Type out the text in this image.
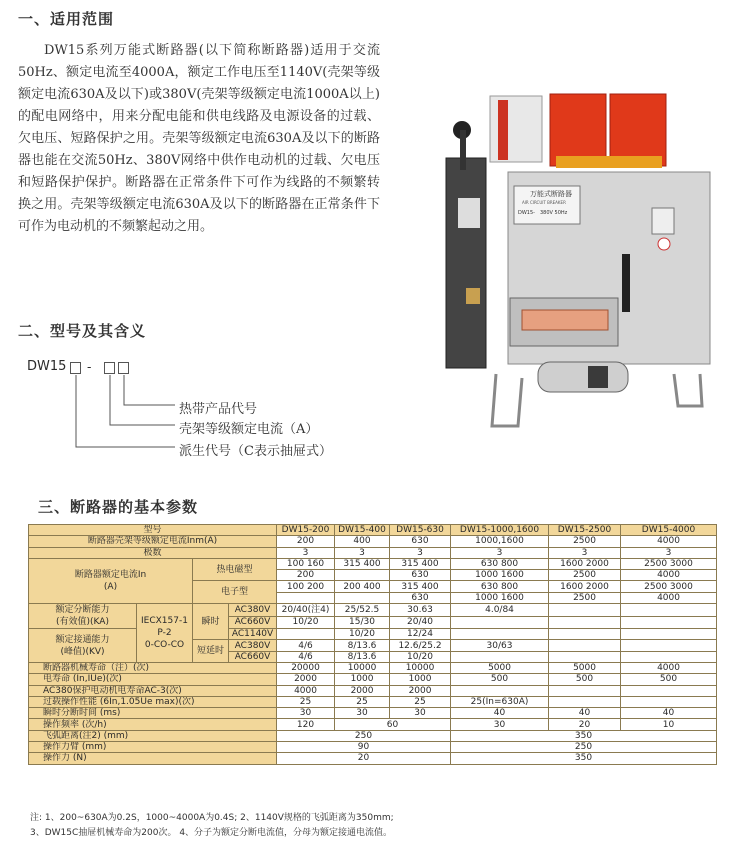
一、适用范围

DW15系列万能式断路器(以下简称断路器)适用于交流50Hz、额定电流至4000A，额定工作电压至1140V(壳架等级额定电流630A及以下)或380V(壳架等级额定电流1000A以上)的配电网络中，用来分配电能和供电线路及电源设备的过载、欠电压、短路保护之用。壳架等级额定电流630A及以下的断路器也能在交流50Hz、380V网络中供作电动机的过载、欠电压和短路保护保护。断路器在正常条件下可作为线路的不频繁转换之用。壳架等级额定电流630A及以下的断路器在正常条件下可作为电动机的不频繁起动之用。

万能式断路器
AIR CIRCUIT BREAKER
DW15- 380V 50Hz
二、型号及其含义
DW15 -
热带产品代号
壳架等级额定电流（A）
派生代号（C表示抽屉式）
三、断路器的基本参数
型号				DW15-200	DW15-400	DW15-630	DW15-1000,1600	DW15-2500	DW15-4000
断路器壳架等级额定电流Inm(A)				200	400	630	1000,1600	2500	4000
极数				3	3	3	3	3	3
断路器额定电流In
(A)		热电磁型		100 160	315 400	315 400	630 800	1600 2000	2500 3000
				200		630	1000 1600	2500	4000
		电子型		100 200	200 400	315 400	630 800	1600 2000	2500 3000
						630	1000 1600	2500	4000
额定分断能力
(有效值)(KA)	IECX157-1
P-2
0-CO-CO	瞬时	AC380V	20/40(注4)	25/52.5	30.63	4.0/84		
			AC660V	10/20	15/30	20/40			
额定接通能力
(峰值)(KV)			AC1140V		10/20	12/24			
		短延时	AC380V	4/6	8/13.6	12.6/25.2	30/63		
			AC660V	4/6	8/13.6	10/20			
断路器机械寿命（注）(次)				20000	10000	10000	5000	5000	4000
电寿命 (In,IUe)(次)				2000	1000	1000	500	500	500
AC380保护电动机电寿命AC-3(次)				4000	2000	2000			
过载操作性能 (6In,1.05Ue max)(次)				25	25	25	25(In=630A)		
瞬时分断时间 (ms)				30	30	30	40	40	40
操作频率 (次/h)				120	60		30	20	10
飞弧距离(注2) (mm)				250			350		
操作力臂 (mm)				90			250		
操作力 (N)				20			350		
注: 1、200~630A为0.2S，1000~4000A为0.4S; 2、1140V规格的飞弧距离为350mm;
3、DW15C抽屉机械寿命为200次。 4、分子为额定分断电流值，分母为额定接通电流值。
